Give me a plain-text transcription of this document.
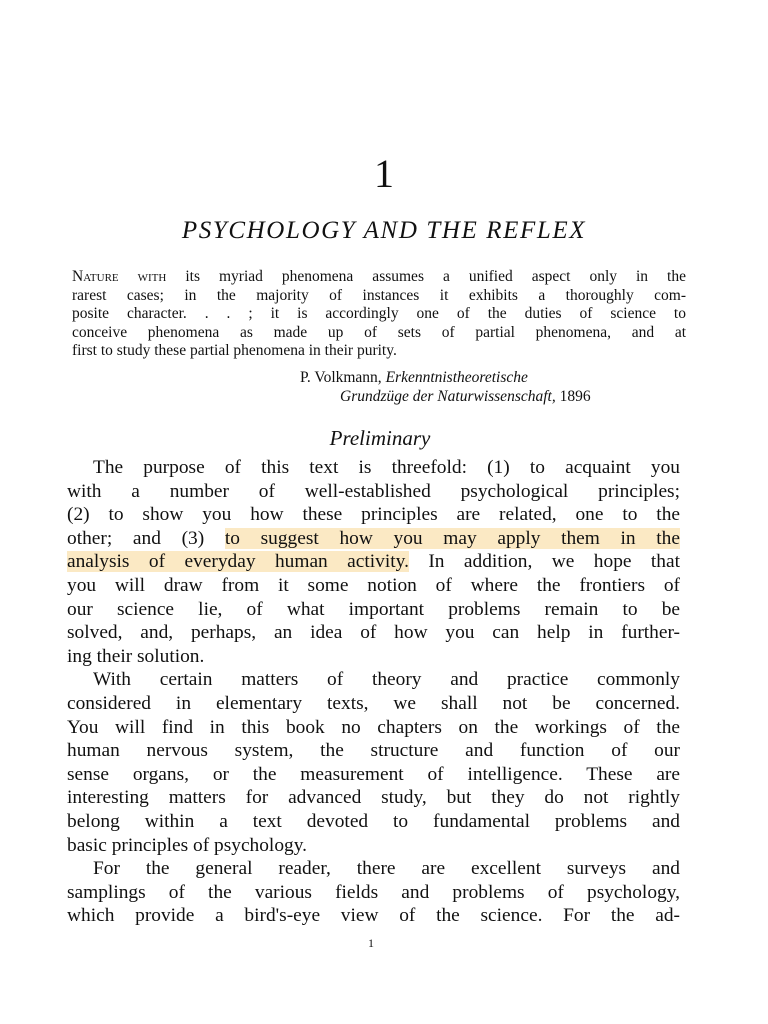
1
PSYCHOLOGY AND THE REFLEX
Nature with its myriad phenomena assumes a unified aspect only in the
rarest cases; in the majority of instances it exhibits a thoroughly com-
posite character. . . ; it is accordingly one of the duties of science to
conceive phenomena as made up of sets of partial phenomena, and at
first to study these partial phenomena in their purity.
P. Volkmann, Erkenntnistheoretische
Grundzüge der Naturwissenschaft, 1896
Preliminary
The purpose of this text is threefold: (1) to acquaint you
with a number of well-established psychological principles;
(2) to show you how these principles are related, one to the
other; and (3) to suggest how you may apply them in the
analysis of everyday human activity. In addition, we hope that
you will draw from it some notion of where the frontiers of
our science lie, of what important problems remain to be
solved, and, perhaps, an idea of how you can help in further-
ing their solution.
With certain matters of theory and practice commonly
considered in elementary texts, we shall not be concerned.
You will find in this book no chapters on the workings of the
human nervous system, the structure and function of our
sense organs, or the measurement of intelligence. These are
interesting matters for advanced study, but they do not rightly
belong within a text devoted to fundamental problems and
basic principles of psychology.
For the general reader, there are excellent surveys and
samplings of the various fields and problems of psychology,
which provide a bird's-eye view of the science. For the ad-
1
